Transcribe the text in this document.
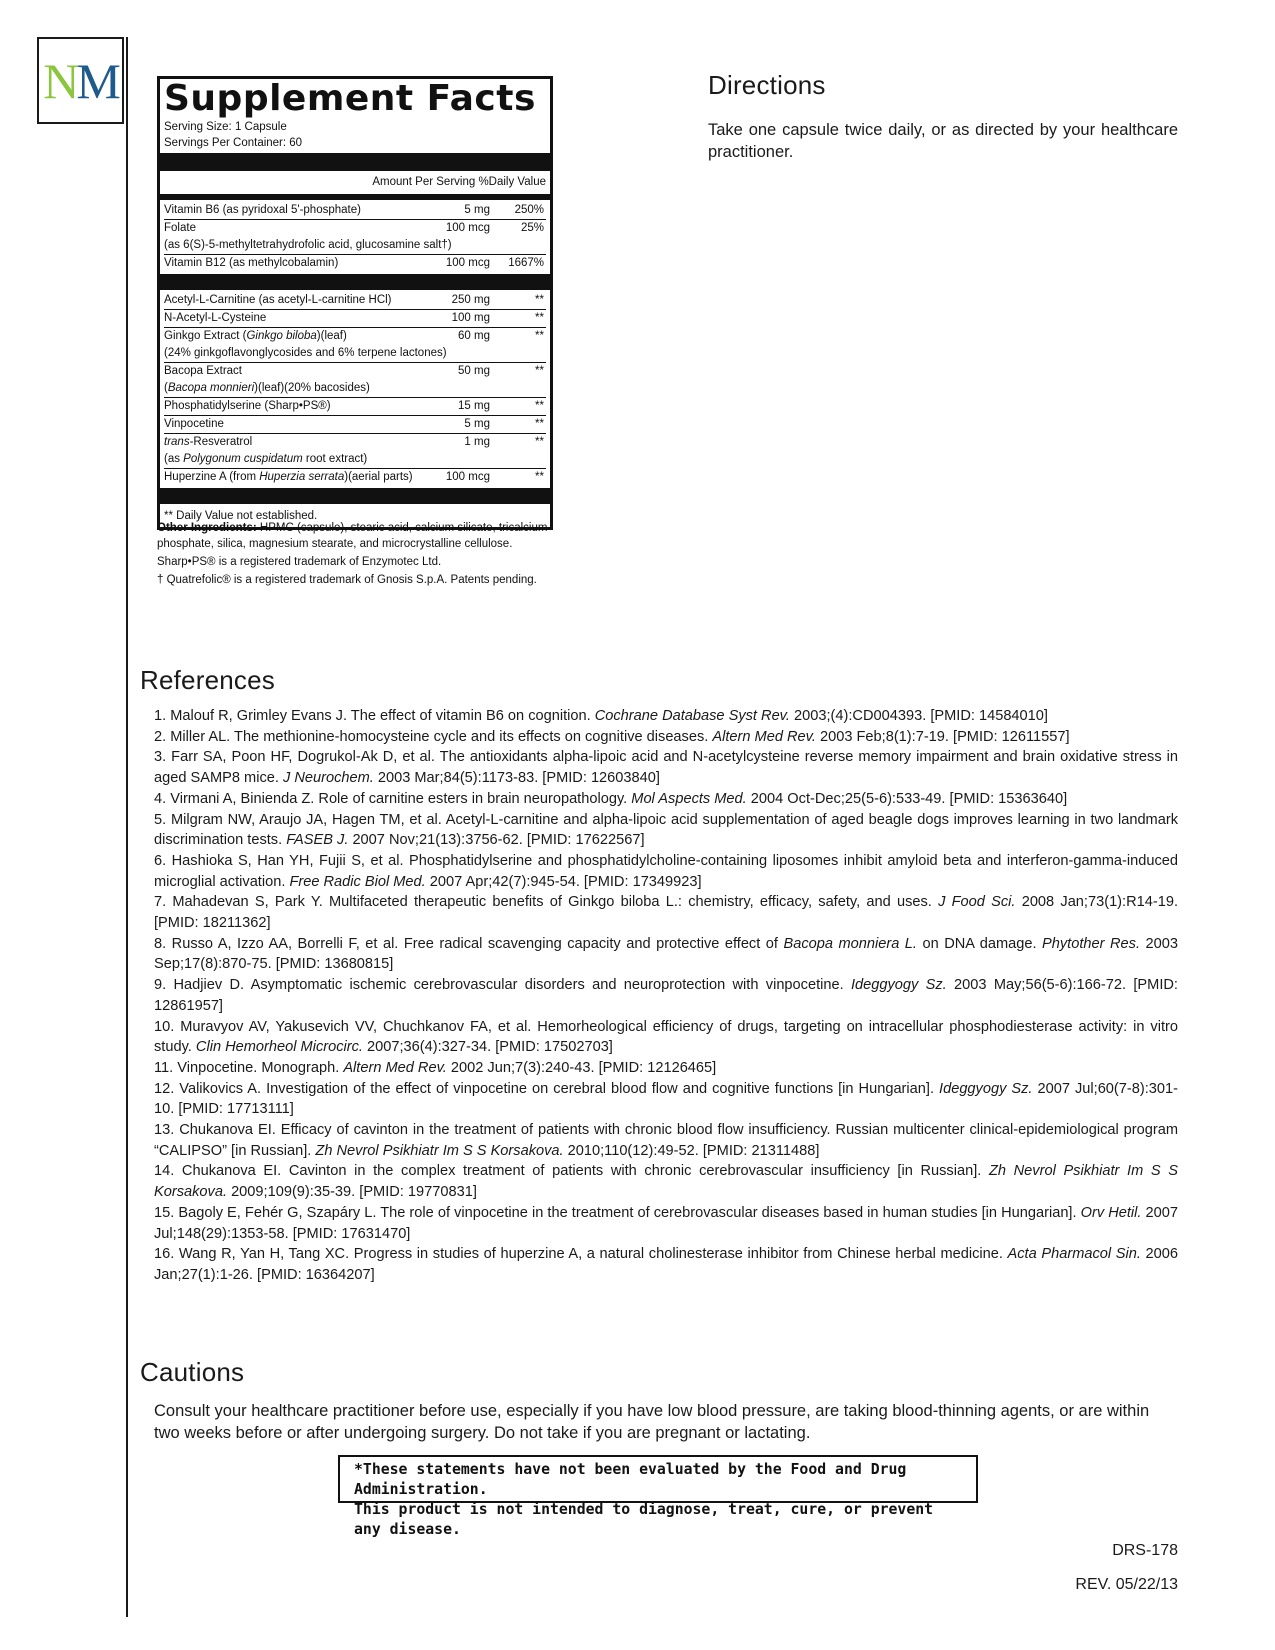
N M Supplement Facts
Serving Size: 1 Capsule
Servings Per Container: 60
Amount Per Serving %Daily Value
Vitamin B6 (as pyridoxal 5'-phosphate)	5 mg	250%
Folate	100 mcg	25%
(as 6(S)-5-methyltetrahydrofolic acid, glucosamine salt†)
Vitamin B12 (as methylcobalamin)	100 mcg	1667%
Acetyl-L-Carnitine (as acetyl-L-carnitine HCl)	250 mg	**
N-Acetyl-L-Cysteine	100 mg	**
Ginkgo Extract (Ginkgo biloba)(leaf)	60 mg	**
(24% ginkgoflavonglycosides and 6% terpene lactones)
Bacopa Extract	50 mg	**
(Bacopa monnieri)(leaf)(20% bacosides)
Phosphatidylserine (Sharp•PS®)	15 mg	**
Vinpocetine	5 mg	**
trans-Resveratrol	1 mg	**
(as Polygonum cuspidatum root extract)
Huperzine A (from Huperzia serrata)(aerial parts)	100 mcg	**
** Daily Value not established.

Other Ingredients: HPMC (capsule), stearic acid, calcium silicate, tricalcium phosphate, silica, magnesium stearate, and microcrystalline cellulose.

Sharp•PS® is a registered trademark of Enzymotec Ltd.

† Quatrefolic® is a registered trademark of Gnosis S.p.A. Patents pending.

Directions

Take one capsule twice daily, or as directed by your healthcare practitioner.

References
1. Malouf R, Grimley Evans J. The effect of vitamin B6 on cognition. Cochrane Database Syst Rev. 2003;(4):CD004393. [PMID: 14584010]
2. Miller AL. The methionine-homocysteine cycle and its effects on cognitive diseases. Altern Med Rev. 2003 Feb;8(1):7-19. [PMID: 12611557]
3. Farr SA, Poon HF, Dogrukol-Ak D, et al. The antioxidants alpha-lipoic acid and N-acetylcysteine reverse memory impairment and brain oxidative stress in aged SAMP8 mice. J Neurochem. 2003 Mar;84(5):1173-83. [PMID: 12603840]
4. Virmani A, Binienda Z. Role of carnitine esters in brain neuropathology. Mol Aspects Med. 2004 Oct-Dec;25(5-6):533-49. [PMID: 15363640]
5. Milgram NW, Araujo JA, Hagen TM, et al. Acetyl-L-carnitine and alpha-lipoic acid supplementation of aged beagle dogs improves learning in two landmark discrimination tests. FASEB J. 2007 Nov;21(13):3756-62. [PMID: 17622567]
6. Hashioka S, Han YH, Fujii S, et al. Phosphatidylserine and phosphatidylcholine-containing liposomes inhibit amyloid beta and interferon-gamma-induced microglial activation. Free Radic Biol Med. 2007 Apr;42(7):945-54. [PMID: 17349923]
7. Mahadevan S, Park Y. Multifaceted therapeutic benefits of Ginkgo biloba L.: chemistry, efficacy, safety, and uses. J Food Sci. 2008 Jan;73(1):R14-19. [PMID: 18211362]
8. Russo A, Izzo AA, Borrelli F, et al. Free radical scavenging capacity and protective effect of Bacopa monniera L. on DNA damage. Phytother Res. 2003 Sep;17(8):870-75. [PMID: 13680815]
9. Hadjiev D. Asymptomatic ischemic cerebrovascular disorders and neuroprotection with vinpocetine. Ideggyogy Sz. 2003 May;56(5-6):166-72. [PMID: 12861957]
10. Muravyov AV, Yakusevich VV, Chuchkanov FA, et al. Hemorheological efficiency of drugs, targeting on intracellular phosphodiesterase activity: in vitro study. Clin Hemorheol Microcirc. 2007;36(4):327-34. [PMID: 17502703]
11. Vinpocetine. Monograph. Altern Med Rev. 2002 Jun;7(3):240-43. [PMID: 12126465]
12. Valikovics A. Investigation of the effect of vinpocetine on cerebral blood flow and cognitive functions [in Hungarian]. Ideggyogy Sz. 2007 Jul;60(7-8):301-10. [PMID: 17713111]
13. Chukanova EI. Efficacy of cavinton in the treatment of patients with chronic blood flow insufficiency. Russian multicenter clinical-epidemiological program “CALIPSO” [in Russian]. Zh Nevrol Psikhiatr Im S S Korsakova. 2010;110(12):49-52. [PMID: 21311488]
14. Chukanova EI. Cavinton in the complex treatment of patients with chronic cerebrovascular insufficiency [in Russian]. Zh Nevrol Psikhiatr Im S S Korsakova. 2009;109(9):35-39. [PMID: 19770831]
15. Bagoly E, Fehér G, Szapáry L. The role of vinpocetine in the treatment of cerebrovascular diseases based in human studies [in Hungarian]. Orv Hetil. 2007 Jul;148(29):1353-58. [PMID: 17631470]
16. Wang R, Yan H, Tang XC. Progress in studies of huperzine A, a natural cholinesterase inhibitor from Chinese herbal medicine. Acta Pharmacol Sin. 2006 Jan;27(1):1-26. [PMID: 16364207]
Cautions

Consult your healthcare practitioner before use, especially if you have low blood pressure, are taking blood-thinning agents, or are within two weeks before or after undergoing surgery. Do not take if you are pregnant or lactating.

*These statements have not been evaluated by the Food and Drug Administration.
This product is not intended to diagnose, treat, cure, or prevent any disease.
DRS-178
REV. 05/22/13
